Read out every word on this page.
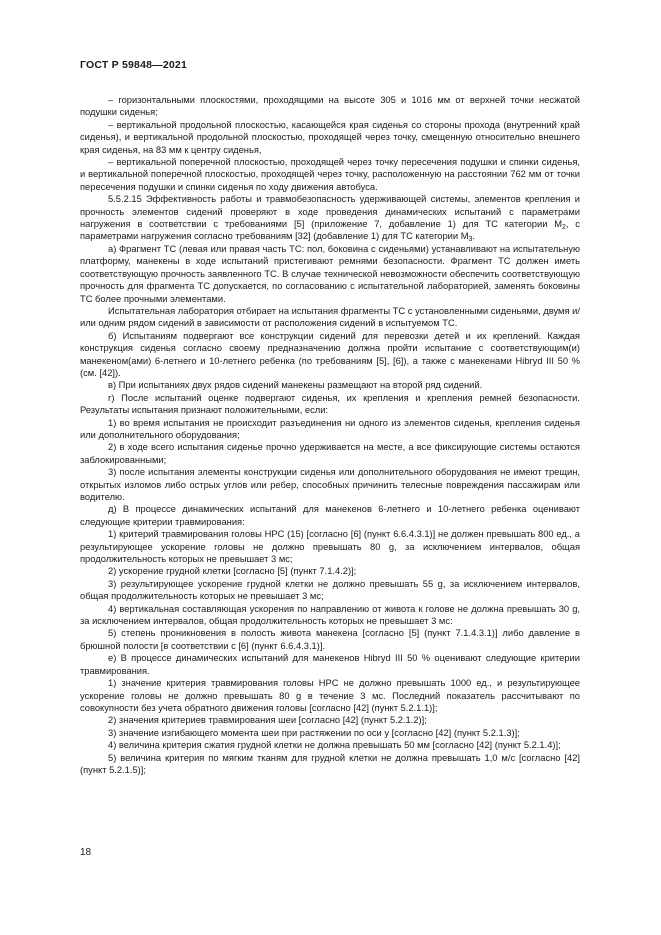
ГОСТ Р 59848—2021

– горизонтальными плоскостями, проходящими на высоте 305 и 1016 мм от верхней точки несжатой подушки сиденья;

– вертикальной продольной плоскостью, касающейся края сиденья со стороны прохода (внутренний край сиденья), и вертикальной продольной плоскостью, проходящей через точку, смещенную относительно внешнего края сиденья, на 83 мм к центру сиденья,

– вертикальной поперечной плоскостью, проходящей через точку пересечения подушки и спинки сиденья, и вертикальной поперечной плоскостью, проходящей через точку, расположенную на расстоянии 762 мм от точки пересечения подушки и спинки сиденья по ходу движения автобуса.

5.5.2.15 Эффективность работы и травмобезопасность удерживающей системы, элементов крепления и прочность элементов сидений проверяют в ходе проведения динамических испытаний с параметрами нагружения в соответствии с требованиями [5] (приложение 7, добавление 1) для ТС категории $M_2$, с параметрами нагружения согласно требованиям [32] (добавление 1) для ТС категории $M_3$.

а) Фрагмент ТС (левая или правая часть ТС: пол, боковина с сиденьями) устанавливают на испытательную платформу, манекены в ходе испытаний пристегивают ремнями безопасности. Фрагмент ТС должен иметь соответствующую прочность заявленного ТС. В случае технической невозможности обеспечить соответствующую прочность для фрагмента ТС допускается, по согласованию с испытательной лабораторией, заменять боковины ТС более прочными элементами.

Испытательная лаборатория отбирает на испытания фрагменты ТС с установленными сиденьями, двумя и/или одним рядом сидений в зависимости от расположения сидений в испытуемом ТС.

б) Испытаниям подвергают все конструкции сидений для перевозки детей и их креплений. Каждая конструкция сиденья согласно своему предназначению должна пройти испытание с соответствующим(и) манекеном(ами) 6-летнего и 10-летнего ребенка (по требованиям [5], [6]), а также с манекенами Hibryd III 50 % (см. [42]).

в) При испытаниях двух рядов сидений манекены размещают на второй ряд сидений.

г) После испытаний оценке подвергают сиденья, их крепления и крепления ремней безопасности. Результаты испытания признают положительными, если:

1) во время испытания не происходит разъединения ни одного из элементов сиденья, крепления сиденья или дополнительного оборудования;

2) в ходе всего испытания сиденье прочно удерживается на месте, а все фиксирующие системы остаются заблокированными;

3) после испытания элементы конструкции сиденья или дополнительного оборудования не имеют трещин, открытых изломов либо острых углов или ребер, способных причинить телесные повреждения пассажирам или водителю.

д) В процессе динамических испытаний для манекенов 6-летнего и 10-летнего ребенка оценивают следующие критерии травмирования:

1) критерий травмирования головы HPC (15) [согласно [6] (пункт 6.6.4.3.1)] не должен превышать 800 ед., а результирующее ускорение головы не должно превышать 80 g, за исключением интервалов, общая продолжительность которых не превышает 3 мс;

2) ускорение грудной клетки [согласно [5] (пункт 7.1.4.2)];

3) результирующее ускорение грудной клетки не должно превышать 55 g, за исключением интервалов, общая продолжительность которых не превышает 3 мс;

4) вертикальная составляющая ускорения по направлению от живота к голове не должна превышать 30 g, за исключением интервалов, общая продолжительность которых не превышает 3 мс:

5) степень проникновения в полость живота манекена [согласно [5] (пункт 7.1.4.3.1)] либо давление в брюшной полости [в соответствии с [6] (пункт 6.6.4.3.1)].

е) В процессе динамических испытаний для манекенов Hibryd III 50 % оценивают следующие критерии травмирования.

1) значение критерия травмирования головы HPC не должно превышать 1000 ед., и результирующее ускорение головы не должно превышать 80 g в течение 3 мс. Последний показатель рассчитывают по совокупности без учета обратного движения головы [согласно [42] (пункт 5.2.1.1)];

2) значения критериев травмирования шеи [согласно [42] (пункт 5.2.1.2)];

3) значение изгибающего момента шеи при растяжении по оси y [согласно [42] (пункт 5.2.1.3)];

4) величина критерия сжатия грудной клетки не должна превышать 50 мм [согласно [42] (пункт 5.2.1.4)];

5) величина критерия по мягким тканям для грудной клетки не должна превышать 1,0 м/с [согласно [42] (пункт 5.2.1.5)];

18
